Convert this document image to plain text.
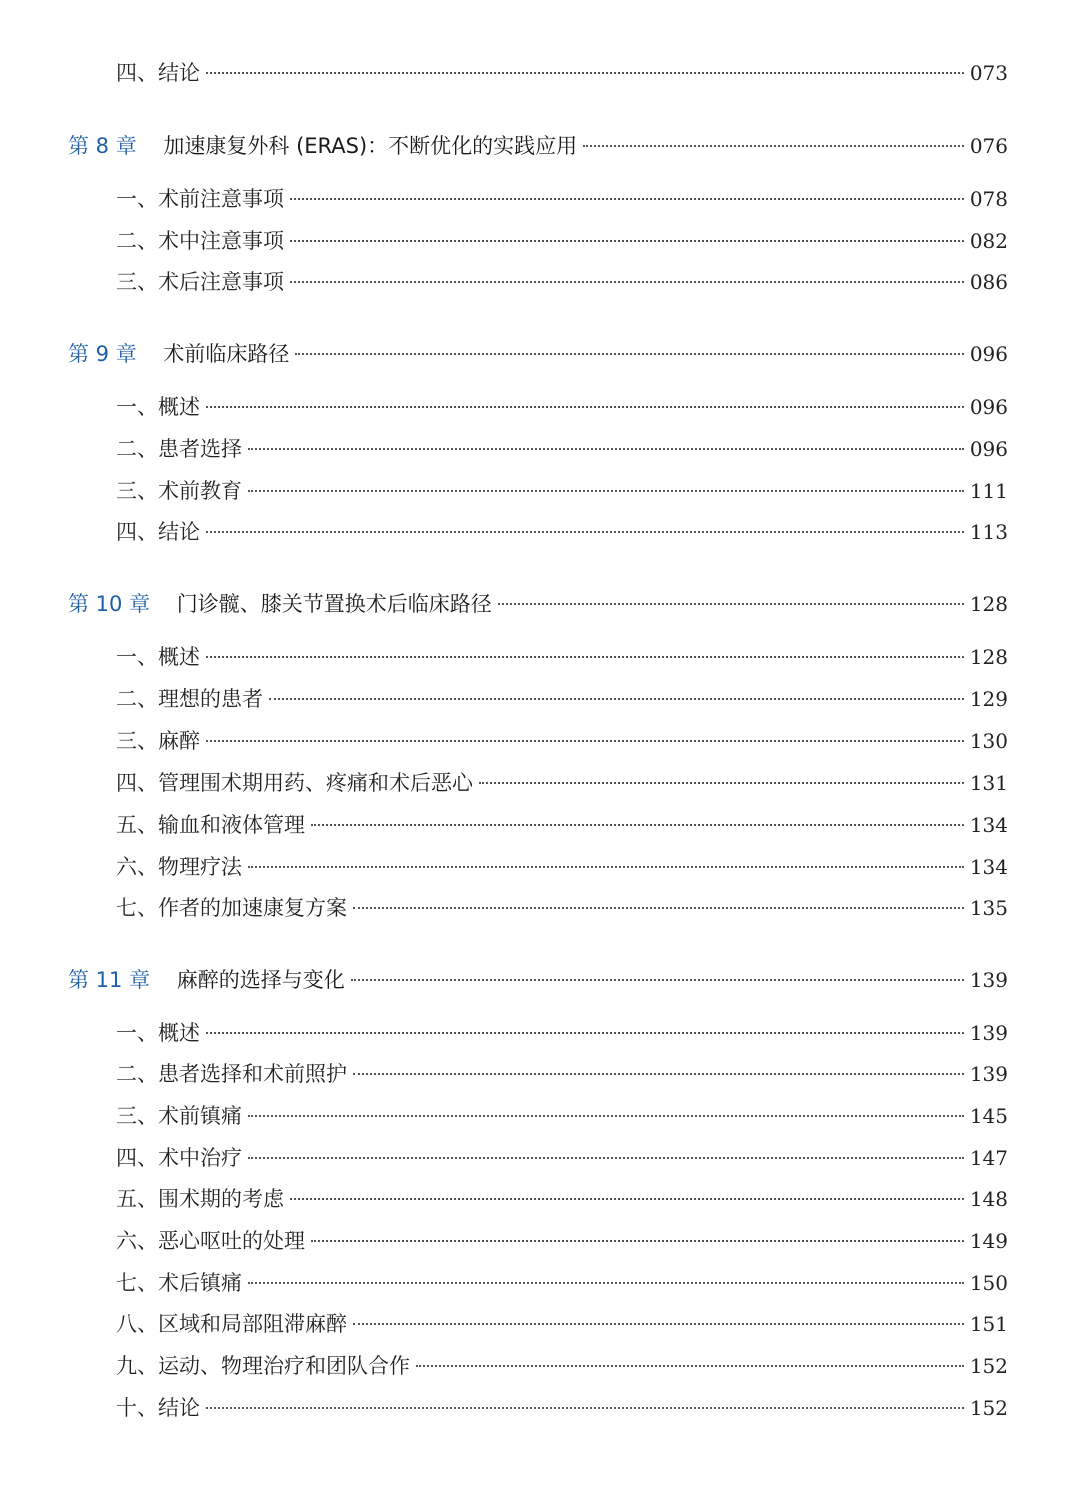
四、结论	073
第 8 章 加速康复外科 (ERAS)：不断优化的实践应用	076
一、术前注意事项	078
二、术中注意事项	082
三、术后注意事项	086
第 9 章 术前临床路径	096
一、概述	096
二、患者选择	096
三、术前教育	111
四、结论	113
第 10 章 门诊髋、膝关节置换术后临床路径	128
一、概述	128
二、理想的患者	129
三、麻醉	130
四、管理围术期用药、疼痛和术后恶心	131
五、输血和液体管理	134
六、物理疗法	134
七、作者的加速康复方案	135
第 11 章 麻醉的选择与变化	139
一、概述	139
二、患者选择和术前照护	139
三、术前镇痛	145
四、术中治疗	147
五、围术期的考虑	148
六、恶心呕吐的处理	149
七、术后镇痛	150
八、区域和局部阻滞麻醉	151
九、运动、物理治疗和团队合作	152
十、结论	152
